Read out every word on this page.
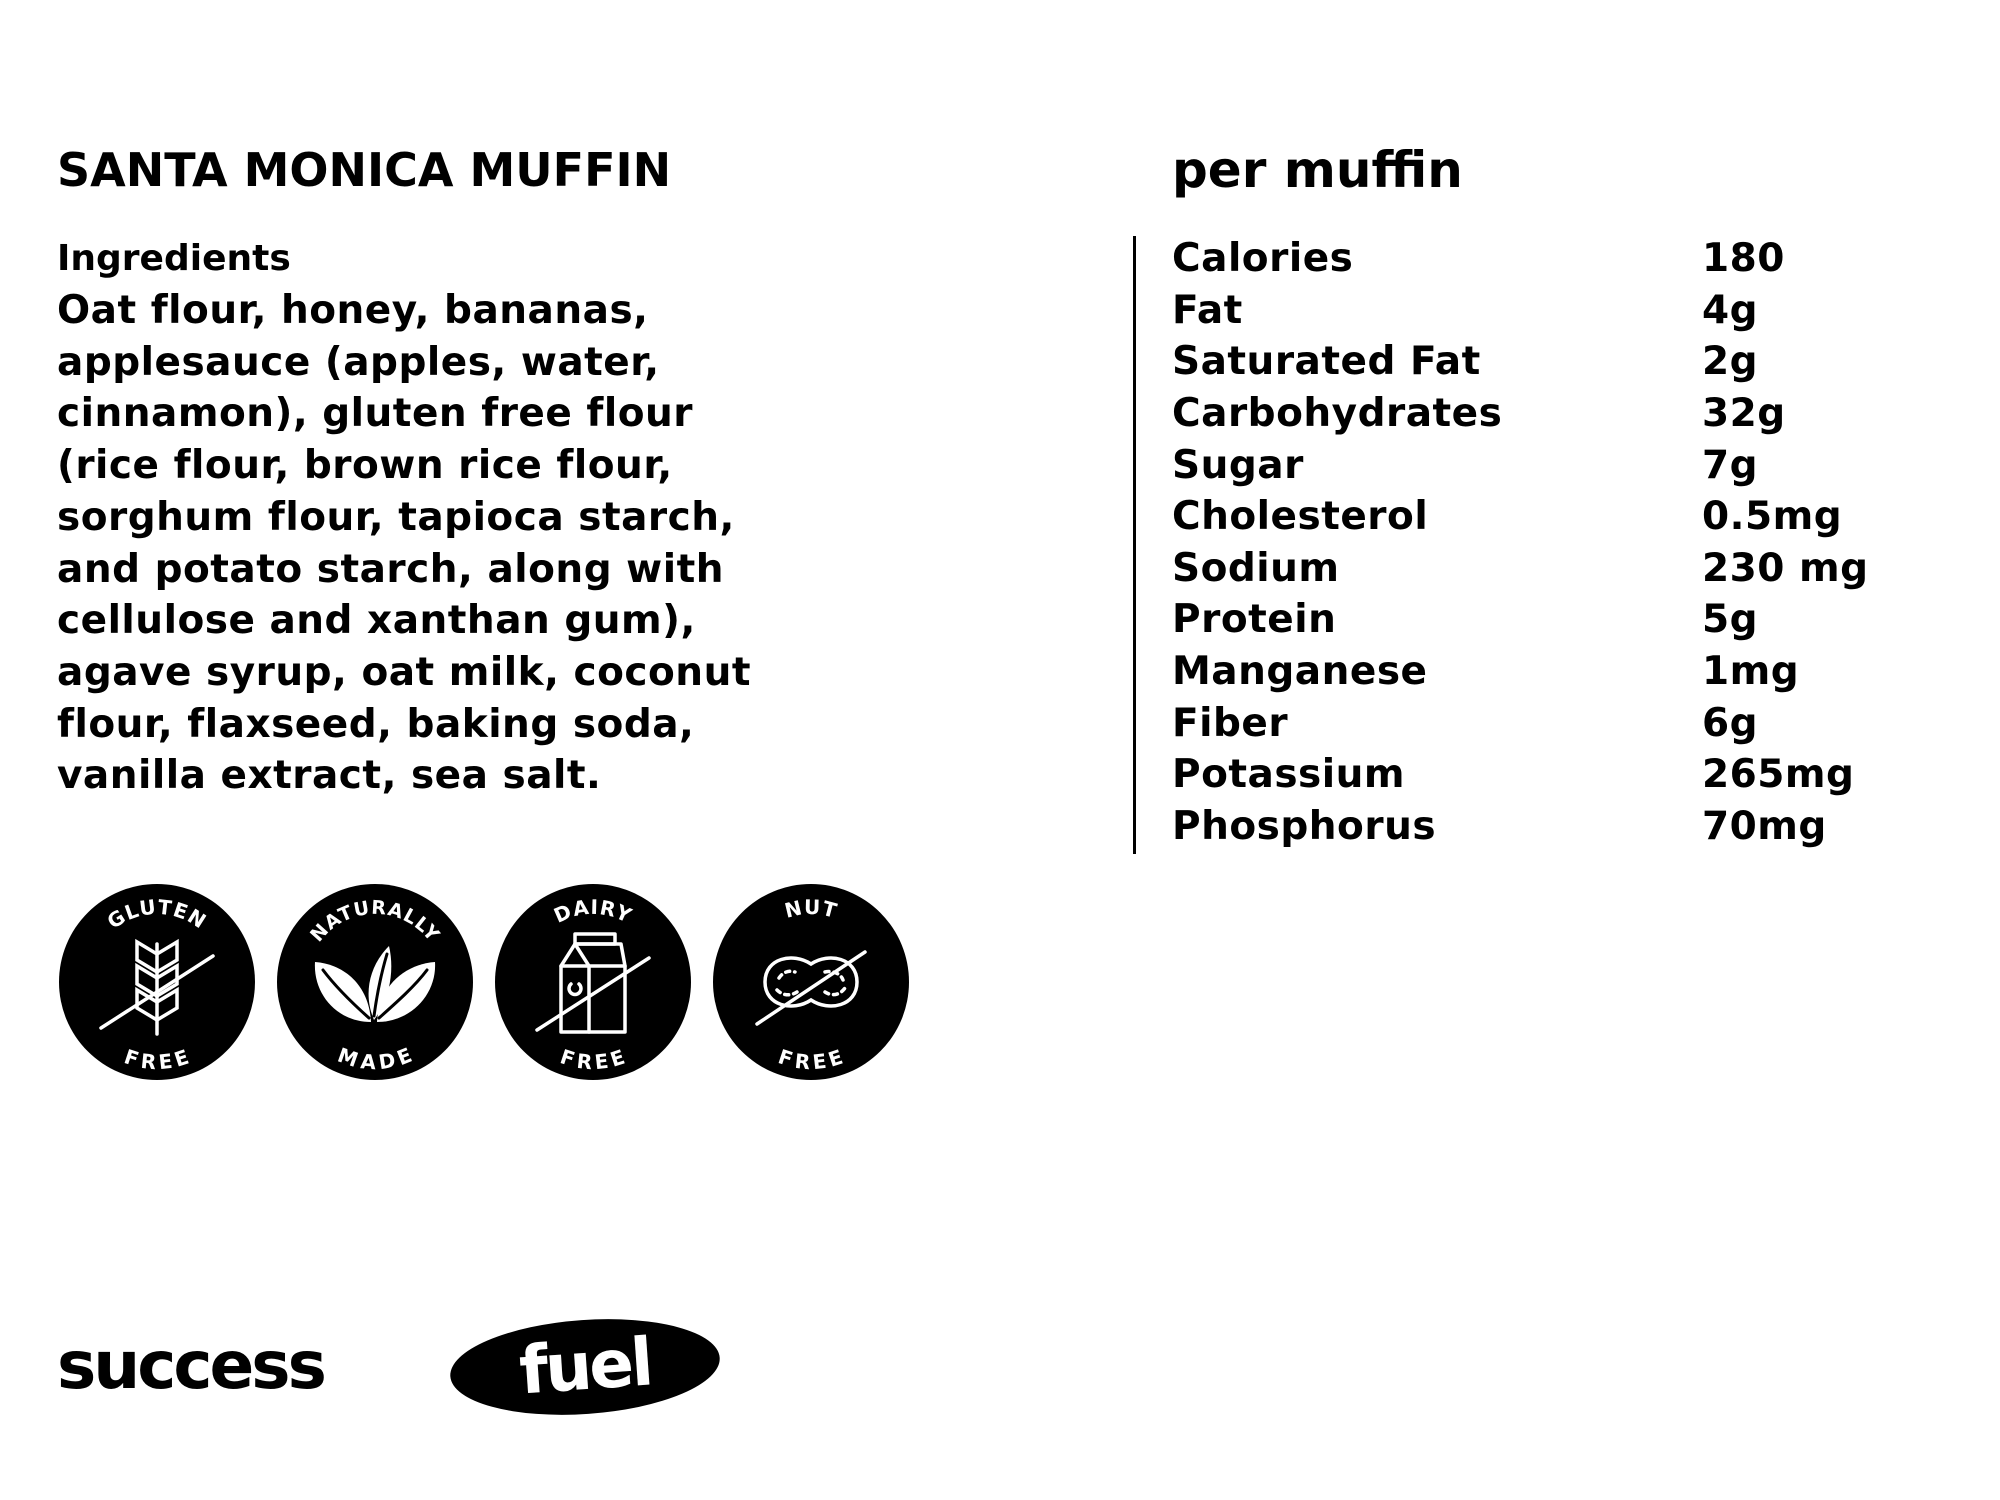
SANTA MONICA MUFFIN	per muffin

Ingredients

Oat flour, honey, bananas,

applesauce (apples, water,

cinnamon), gluten free flour

(rice flour, brown rice flour,

sorghum flour, tapioca starch,

and potato starch, along with

cellulose and xanthan gum),

agave syrup, oat milk, coconut

flour, flaxseed, baking soda,

vanilla extract, sea salt.

Calories	180
Fat	4g
Saturated Fat	2g
Carbohydrates	32g
Sugar	7g
Cholesterol	0.5mg
Sodium	230 mg
Protein	5g
Manganese	1mg
Fiber	6g
Potassium	265mg
Phosphorus	70mg
GLUTEN
FREE
NATURALLY
MADE
DAIRY
FREE
NUT
FREE
success	fuel
